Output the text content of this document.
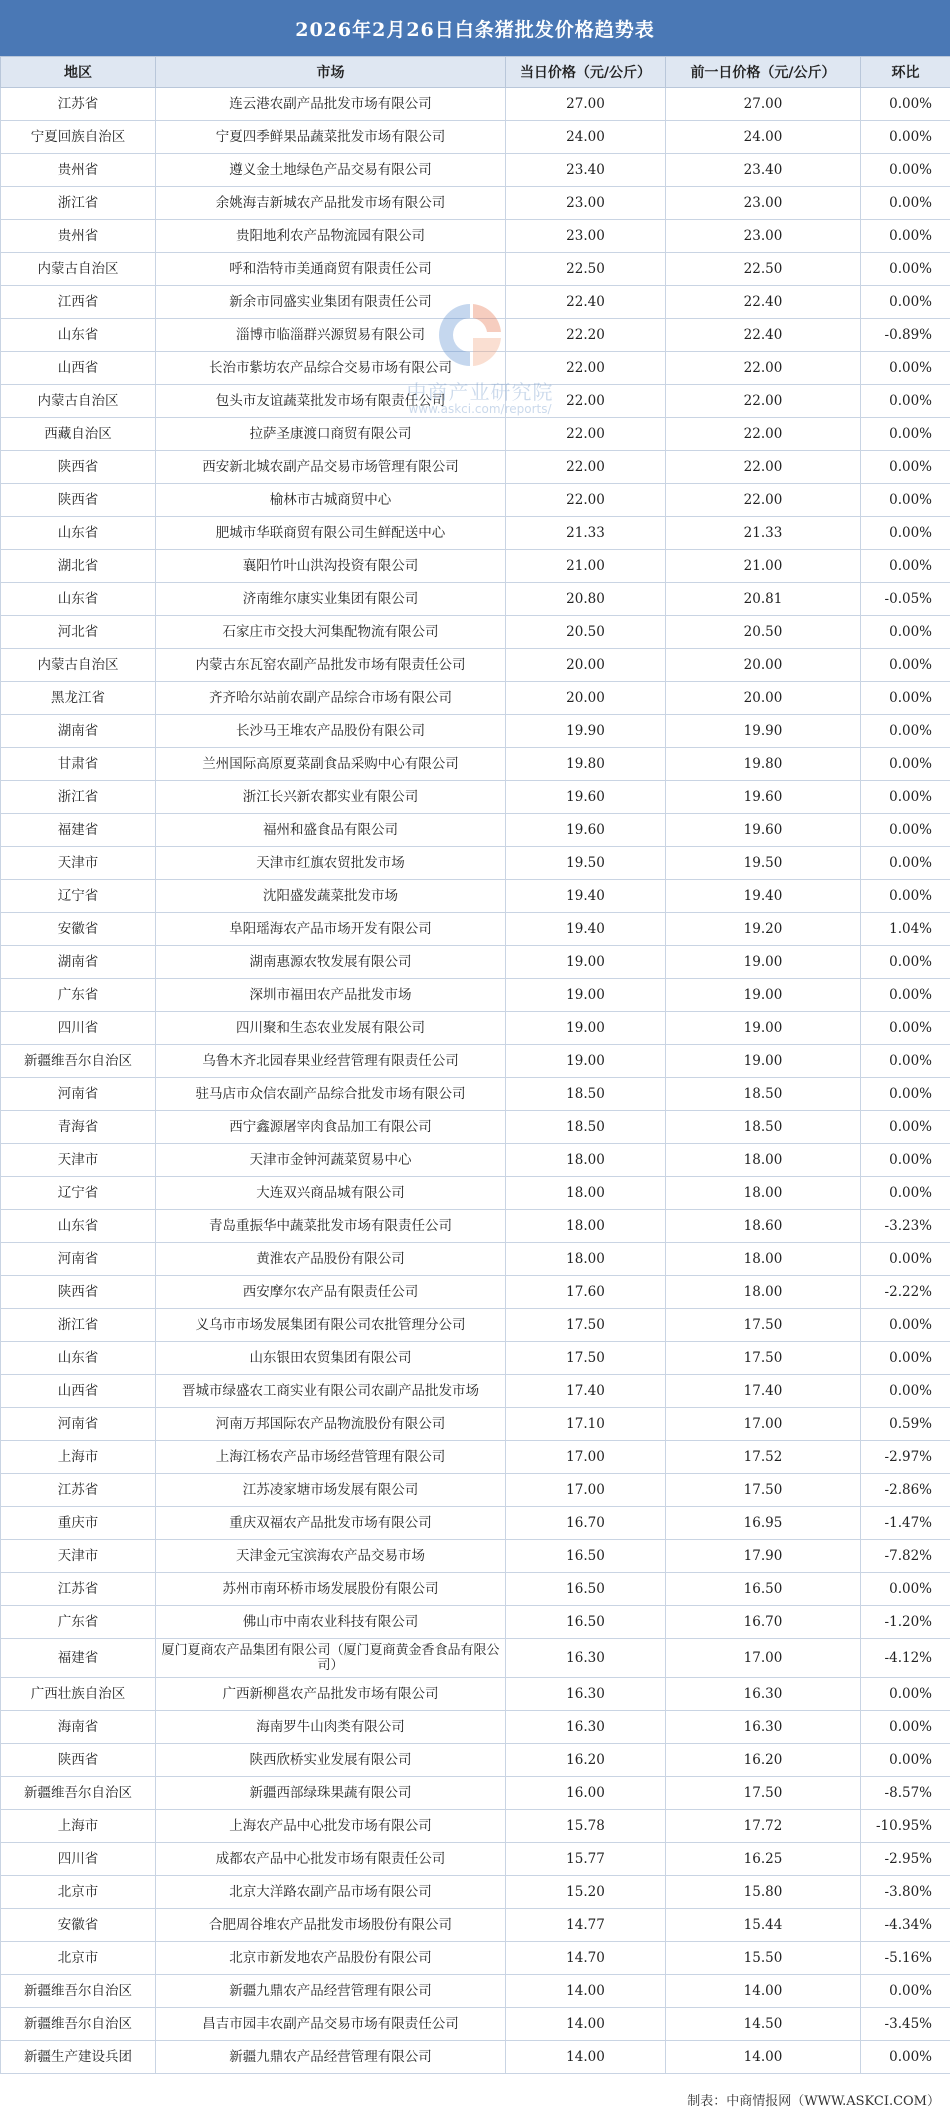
2026年2月26日白条猪批发价格趋势表
地区	市场	当日价格（元/公斤）	前一日价格（元/公斤）	环比
江苏省	连云港农副产品批发市场有限公司	27.00	27.00	0.00%
宁夏回族自治区	宁夏四季鲜果品蔬菜批发市场有限公司	24.00	24.00	0.00%
贵州省	遵义金土地绿色产品交易有限公司	23.40	23.40	0.00%
浙江省	余姚海吉新城农产品批发市场有限公司	23.00	23.00	0.00%
贵州省	贵阳地利农产品物流园有限公司	23.00	23.00	0.00%
内蒙古自治区	呼和浩特市美通商贸有限责任公司	22.50	22.50	0.00%
江西省	新余市同盛实业集团有限责任公司	22.40	22.40	0.00%
山东省	淄博市临淄群兴源贸易有限公司	22.20	22.40	-0.89%
山西省	长治市紫坊农产品综合交易市场有限公司	22.00	22.00	0.00%
内蒙古自治区	包头市友谊蔬菜批发市场有限责任公司	22.00	22.00	0.00%
西藏自治区	拉萨圣康渡口商贸有限公司	22.00	22.00	0.00%
陕西省	西安新北城农副产品交易市场管理有限公司	22.00	22.00	0.00%
陕西省	榆林市古城商贸中心	22.00	22.00	0.00%
山东省	肥城市华联商贸有限公司生鲜配送中心	21.33	21.33	0.00%
湖北省	襄阳竹叶山洪沟投资有限公司	21.00	21.00	0.00%
山东省	济南维尔康实业集团有限公司	20.80	20.81	-0.05%
河北省	石家庄市交投大河集配物流有限公司	20.50	20.50	0.00%
内蒙古自治区	内蒙古东瓦窑农副产品批发市场有限责任公司	20.00	20.00	0.00%
黑龙江省	齐齐哈尔站前农副产品综合市场有限公司	20.00	20.00	0.00%
湖南省	长沙马王堆农产品股份有限公司	19.90	19.90	0.00%
甘肃省	兰州国际高原夏菜副食品采购中心有限公司	19.80	19.80	0.00%
浙江省	浙江长兴新农都实业有限公司	19.60	19.60	0.00%
福建省	福州和盛食品有限公司	19.60	19.60	0.00%
天津市	天津市红旗农贸批发市场	19.50	19.50	0.00%
辽宁省	沈阳盛发蔬菜批发市场	19.40	19.40	0.00%
安徽省	阜阳瑶海农产品市场开发有限公司	19.40	19.20	1.04%
湖南省	湖南惠源农牧发展有限公司	19.00	19.00	0.00%
广东省	深圳市福田农产品批发市场	19.00	19.00	0.00%
四川省	四川聚和生态农业发展有限公司	19.00	19.00	0.00%
新疆维吾尔自治区	乌鲁木齐北园春果业经营管理有限责任公司	19.00	19.00	0.00%
河南省	驻马店市众信农副产品综合批发市场有限公司	18.50	18.50	0.00%
青海省	西宁鑫源屠宰肉食品加工有限公司	18.50	18.50	0.00%
天津市	天津市金钟河蔬菜贸易中心	18.00	18.00	0.00%
辽宁省	大连双兴商品城有限公司	18.00	18.00	0.00%
山东省	青岛重振华中蔬菜批发市场有限责任公司	18.00	18.60	-3.23%
河南省	黄淮农产品股份有限公司	18.00	18.00	0.00%
陕西省	西安摩尔农产品有限责任公司	17.60	18.00	-2.22%
浙江省	义乌市市场发展集团有限公司农批管理分公司	17.50	17.50	0.00%
山东省	山东银田农贸集团有限公司	17.50	17.50	0.00%
山西省	晋城市绿盛农工商实业有限公司农副产品批发市场	17.40	17.40	0.00%
河南省	河南万邦国际农产品物流股份有限公司	17.10	17.00	0.59%
上海市	上海江杨农产品市场经营管理有限公司	17.00	17.52	-2.97%
江苏省	江苏凌家塘市场发展有限公司	17.00	17.50	-2.86%
重庆市	重庆双福农产品批发市场有限公司	16.70	16.95	-1.47%
天津市	天津金元宝滨海农产品交易市场	16.50	17.90	-7.82%
江苏省	苏州市南环桥市场发展股份有限公司	16.50	16.50	0.00%
广东省	佛山市中南农业科技有限公司	16.50	16.70	-1.20%
福建省	厦门夏商农产品集团有限公司（厦门夏商黄金香食品有限公司）	16.30	17.00	-4.12%
广西壮族自治区	广西新柳邕农产品批发市场有限公司	16.30	16.30	0.00%
海南省	海南罗牛山肉类有限公司	16.30	16.30	0.00%
陕西省	陕西欣桥实业发展有限公司	16.20	16.20	0.00%
新疆维吾尔自治区	新疆西部绿珠果蔬有限公司	16.00	17.50	-8.57%
上海市	上海农产品中心批发市场有限公司	15.78	17.72	-10.95%
四川省	成都农产品中心批发市场有限责任公司	15.77	16.25	-2.95%
北京市	北京大洋路农副产品市场有限公司	15.20	15.80	-3.80%
安徽省	合肥周谷堆农产品批发市场股份有限公司	14.77	15.44	-4.34%
北京市	北京市新发地农产品股份有限公司	14.70	15.50	-5.16%
新疆维吾尔自治区	新疆九鼎农产品经营管理有限公司	14.00	14.00	0.00%
新疆维吾尔自治区	昌吉市园丰农副产品交易市场有限责任公司	14.00	14.50	-3.45%
新疆生产建设兵团	新疆九鼎农产品经营管理有限公司	14.00	14.00	0.00%
中商产业研究院
www.askci.com/reports/
制表：中商情报网（WWW.ASKCI.COM）
